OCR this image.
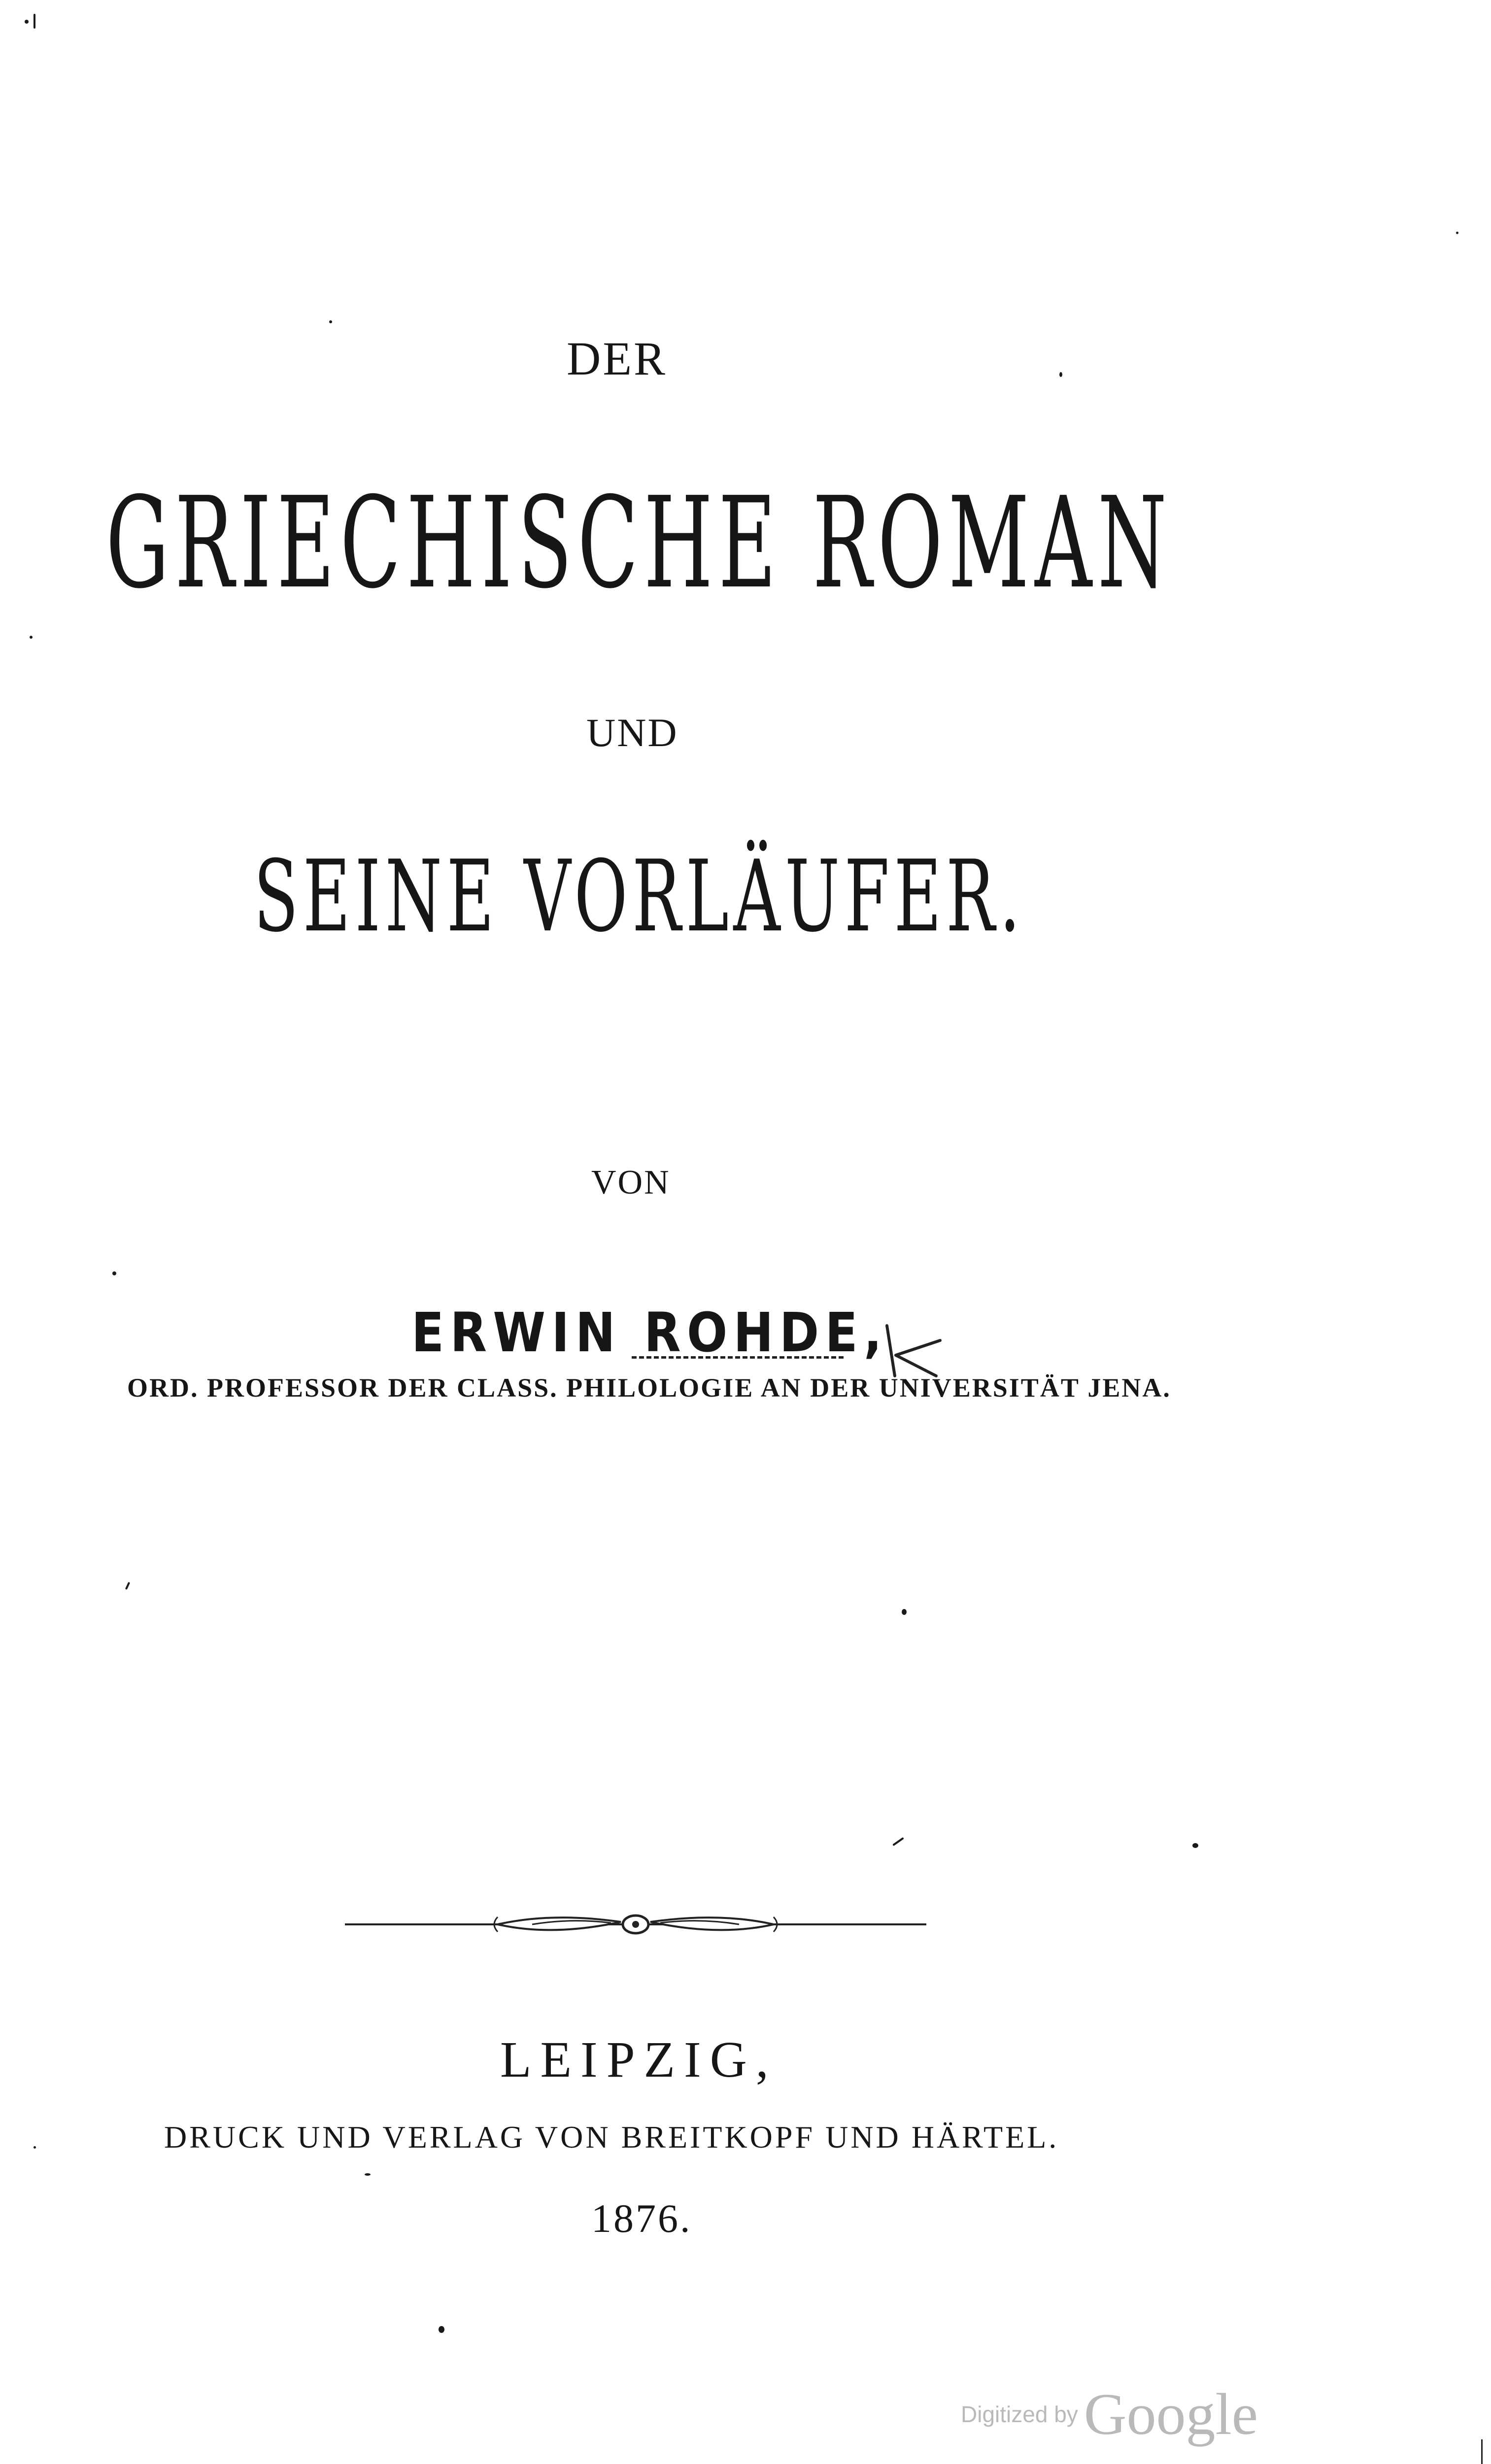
DER
GRIECHISCHE ROMAN
UND
SEINE VORLÄUFER.
VON
ERWIN ROHDE,
ORD. PROFESSOR DER CLASS. PHILOLOGIE AN DER UNIVERSITÄT JENA.
LEIPZIG,
DRUCK UND VERLAG VON BREITKOPF UND HÄRTEL.
1876.
Digitized by Google
